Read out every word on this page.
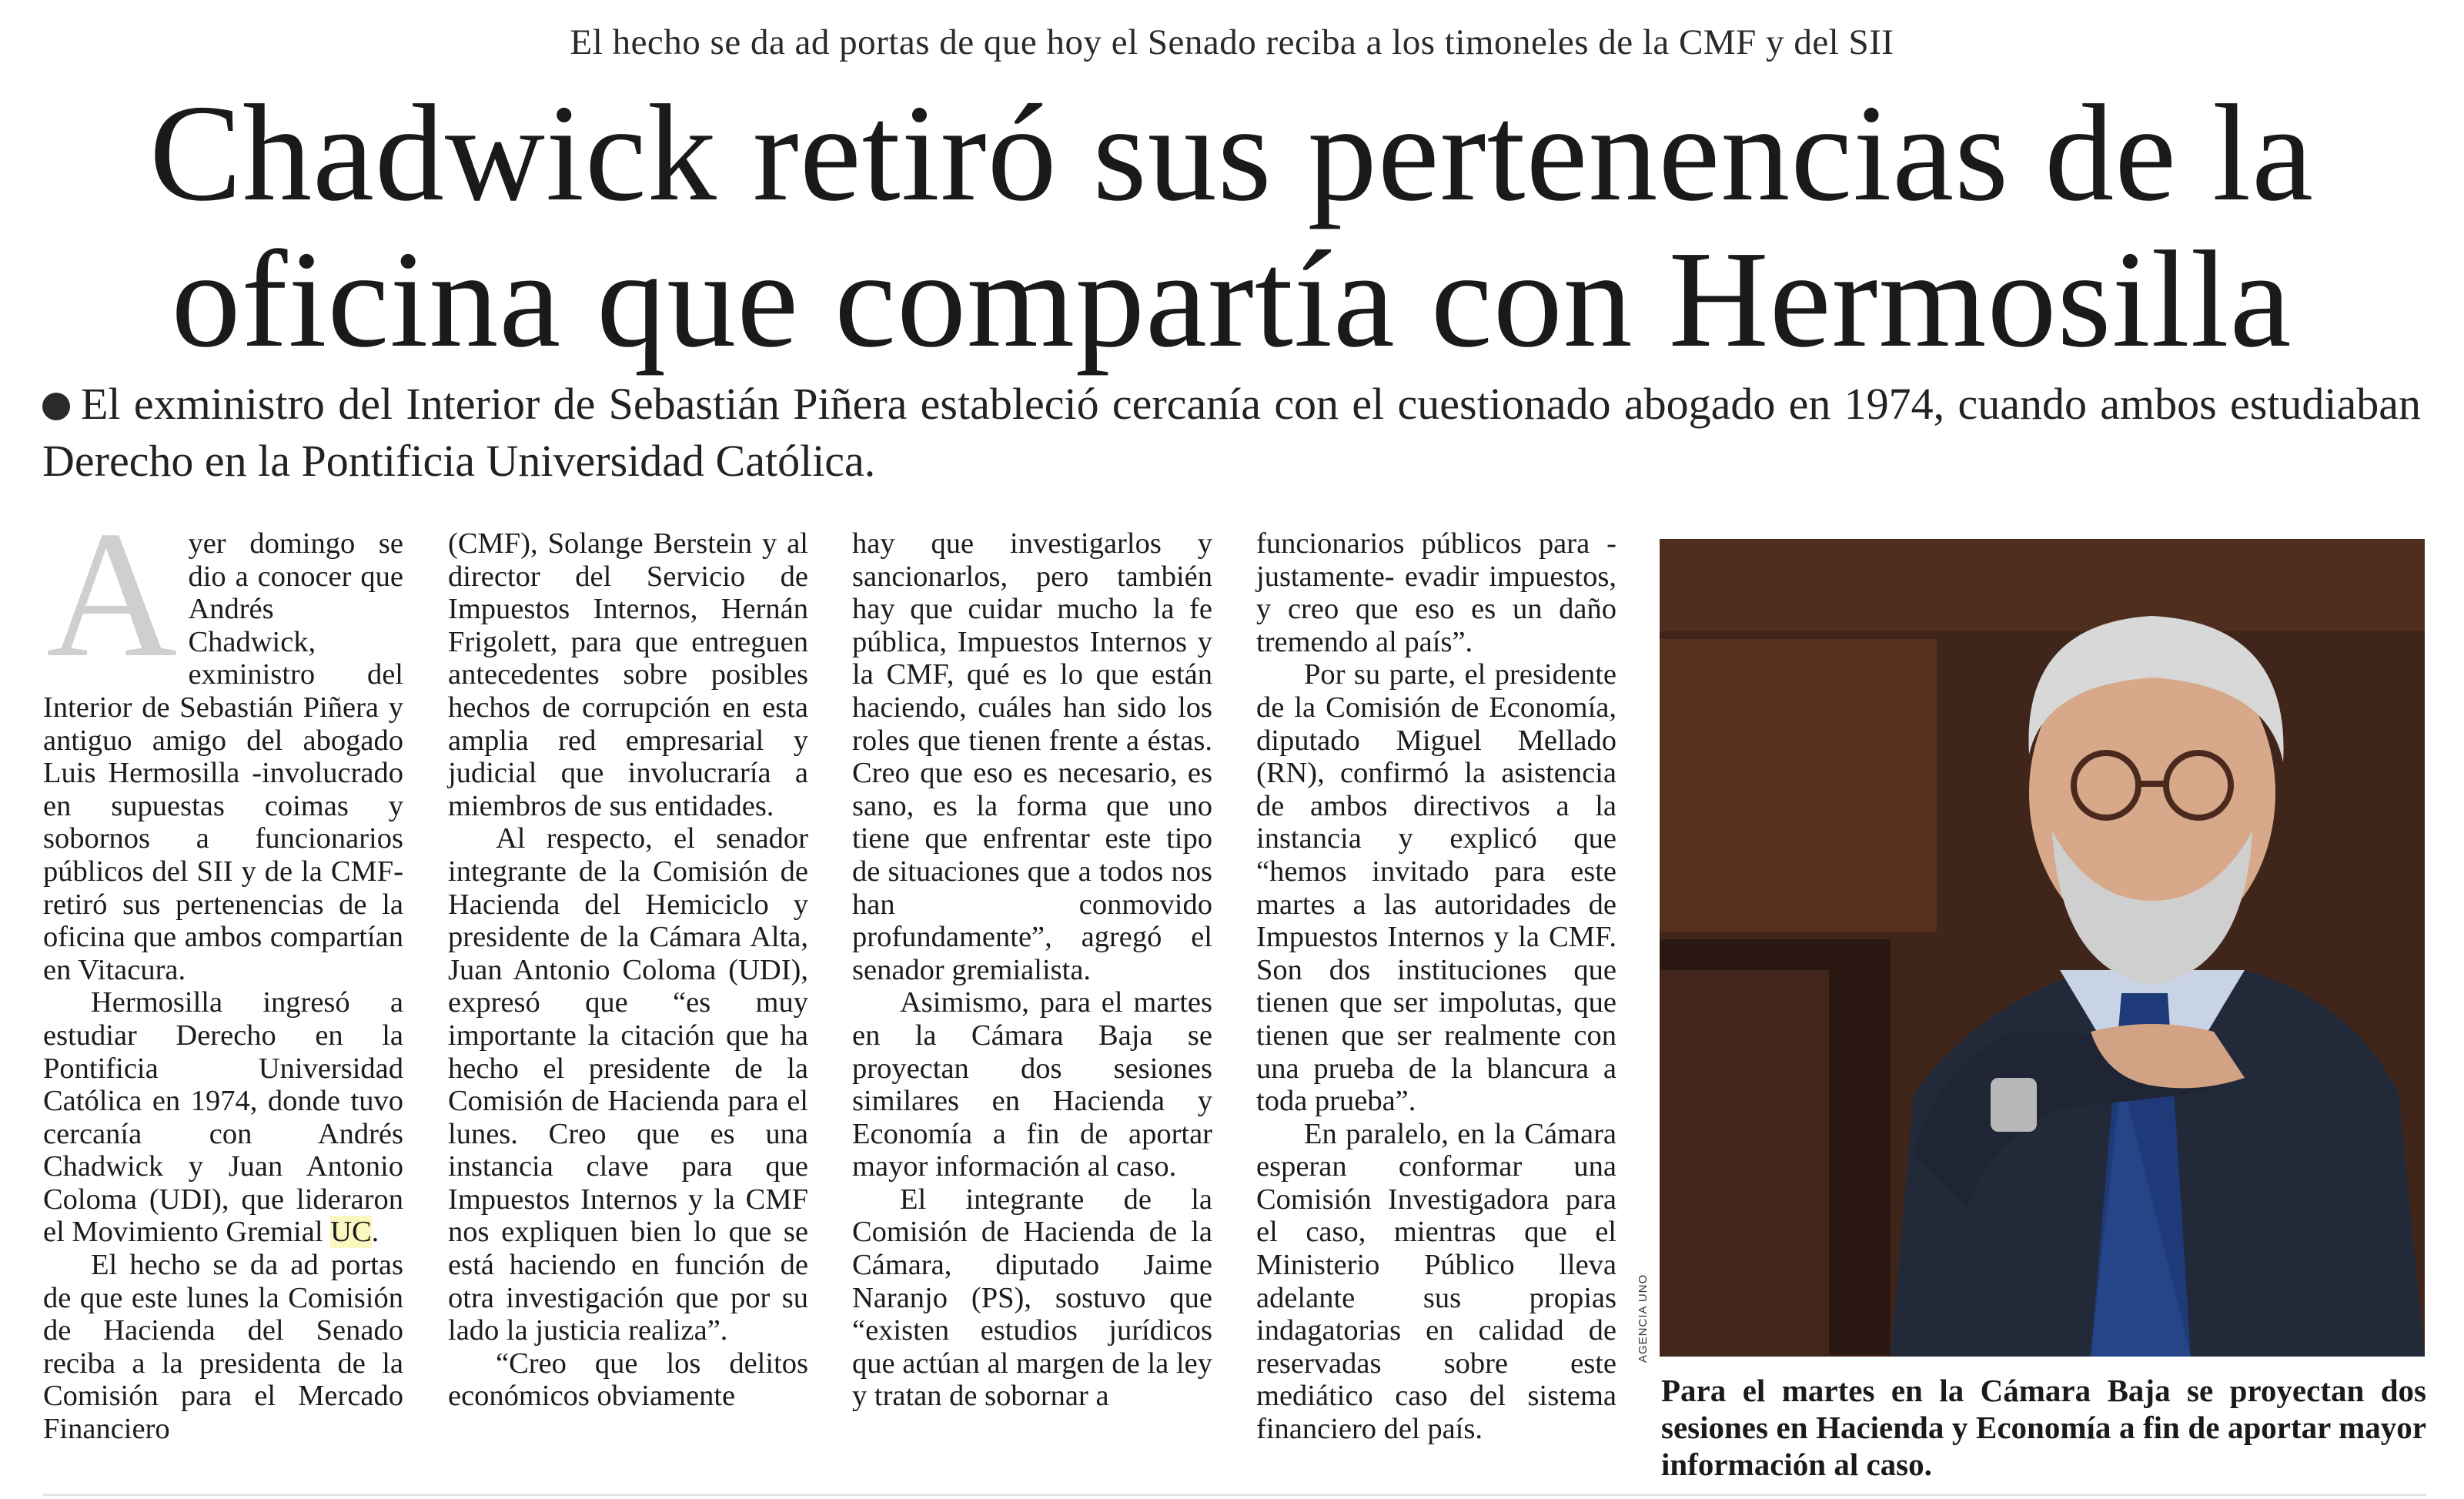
El hecho se da ad portas de que hoy el Senado reciba a los timoneles de la CMF y del SII
Chadwick retiró sus pertenencias de la
oficina que compartía con Hermosilla
El exministro del Interior de Sebastián Piñera estableció cercanía con el cuestionado abogado en 1974, cuando ambos estudiaban Derecho en la Pontificia Universidad Católica.
A yer domingo se dio a conocer que Andrés Chadwick, exministro del Interior de Sebastián Piñera y antiguo amigo del abogado Luis Hermosilla -involucrado en supuestas coimas y sobornos a funcionarios públicos del SII y de la CMF- retiró sus pertenencias de la oficina que ambos compartían en Vitacura.

Hermosilla ingresó a estudiar Derecho en la Pontificia Universidad Católica en 1974, donde tuvo cercanía con Andrés Chadwick y Juan Antonio Coloma (UDI), que lideraron el Movimiento Gremial UC.

El hecho se da ad portas de que este lunes la Comisión de Hacienda del Senado reciba a la presidenta de la Comisión para el Mercado Financiero

(CMF), Solange Berstein y al director del Servicio de Impuestos Internos, Hernán Frigolett, para que entreguen antecedentes sobre posibles hechos de corrupción en esta amplia red empresarial y judicial que involucraría a miembros de sus entidades.

Al respecto, el senador integrante de la Comisión de Hacienda del Hemiciclo y presidente de la Cámara Alta, Juan Antonio Coloma (UDI), expresó que “es muy importante la citación que ha hecho el presidente de la Comisión de Hacienda para el lunes. Creo que es una instancia clave para que Impuestos Internos y la CMF nos expliquen bien lo que se está haciendo en función de otra investigación que por su lado la justicia realiza”.

“Creo que los delitos económicos obviamente

hay que investigarlos y sancionarlos, pero también hay que cuidar mucho la fe pública, Impuestos Internos y la CMF, qué es lo que están haciendo, cuáles han sido los roles que tienen frente a éstas. Creo que eso es necesario, es sano, es la forma que uno tiene que enfrentar este tipo de situaciones que a todos nos han conmovido profundamente”, agregó el senador gremialista.

Asimismo, para el martes en la Cámara Baja se proyectan dos sesiones similares en Hacienda y Economía a fin de aportar mayor información al caso.

El integrante de la Comisión de Hacienda de la Cámara, diputado Jaime Naranjo (PS), sostuvo que “existen estudios jurídicos que actúan al margen de la ley y tratan de sobornar a

funcionarios públicos para -justamente- evadir impuestos, y creo que eso es un daño tremendo al país”.

Por su parte, el presidente de la Comisión de Economía, diputado Miguel Mellado (RN), confirmó la asistencia de ambos directivos a la instancia y explicó que “hemos invitado para este martes a las autoridades de Impuestos Internos y la CMF. Son dos instituciones que tienen que ser impolutas, que tienen que ser realmente con una prueba de la blancura a toda prueba”.

En paralelo, en la Cámara esperan conformar una Comisión Investigadora para el caso, mientras que el Ministerio Público lleva adelante sus propias indagatorias en calidad de reservadas sobre este mediático caso del sistema financiero del país.

AGENCIA UNO
Para el martes en la Cámara Baja se proyectan dos sesiones en Hacienda y Economía a fin de aportar mayor información al caso.
